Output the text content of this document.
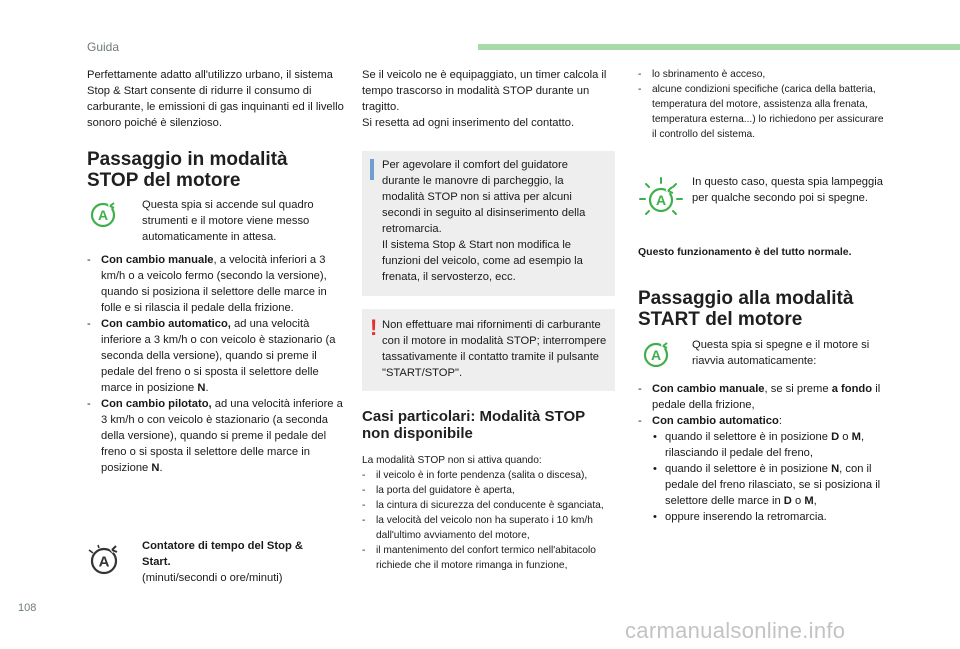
Guida
108
carmanualsonline.info

Perfettamente adatto all'utilizzo urbano, il sistema Stop & Start consente di ridurre il consumo di carburante, le emissioni di gas inquinanti ed il livello sonoro poiché è silenzioso.

Passaggio in modalità
STOP del motore
A

Questa spia si accende sul quadro strumenti e il motore viene messo automaticamente in attesa.

- Con cambio manuale, a velocità inferiori a 3 km/h o a veicolo fermo (secondo la versione), quando si posiziona il selettore delle marce in folle e si rilascia il pedale della frizione.
- Con cambio automatico, ad una velocità inferiore a 3 km/h o con veicolo è stazionario (a seconda della versione), quando si preme il pedale del freno o si sposta il selettore delle marce in posizione N.
- Con cambio pilotato, ad una velocità inferiore a 3 km/h o con veicolo è stazionario (a seconda della versione), quando si preme il pedale del freno o si sposta il selettore delle marce in posizione N.
A

Contatore di tempo del Stop & Start.

(minuti/secondi o ore/minuti)

Se il veicolo ne è equipaggiato, un timer calcola il tempo trascorso in modalità STOP durante un tragitto.

Si resetta ad ogni inserimento del contatto.

Per agevolare il comfort del guidatore durante le manovre di parcheggio, la modalità STOP non si attiva per alcuni secondi in seguito al disinserimento della retromarcia.

Il sistema Stop & Start non modifica le funzioni del veicolo, come ad esempio la frenata, il servosterzo, ecc.

! Non effettuare mai rifornimenti di carburante con il motore in modalità STOP; interrompere tassativamente il contatto tramite il pulsante "START/STOP".

Casi particolari: Modalità STOP
non disponibile

La modalità STOP non si attiva quando:

- il veicolo è in forte pendenza (salita o discesa),
- la porta del guidatore è aperta,
- la cintura di sicurezza del conducente è sganciata,
- la velocità del veicolo non ha superato i 10 km/h dall'ultimo avviamento del motore,
- il mantenimento del confort termico nell'abitacolo richiede che il motore rimanga in funzione,
- lo sbrinamento è acceso,
- alcune condizioni specifiche (carica della batteria, temperatura del motore, assistenza alla frenata, temperatura esterna...) lo richiedono per assicurare il controllo del sistema.
A

In questo caso, questa spia lampeggia per qualche secondo poi si spegne.

Questo funzionamento è del tutto normale.

Passaggio alla modalità
START del motore
A

Questa spia si spegne e il motore si riavvia automaticamente:

- Con cambio manuale, se si preme a fondo il pedale della frizione,
- Con cambio automatico:
• quando il selettore è in posizione D o M, rilasciando il pedale del freno,
• quando il selettore è in posizione N, con il pedale del freno rilasciato, se si posiziona il selettore delle marce in D o M,
• oppure inserendo la retromarcia.
